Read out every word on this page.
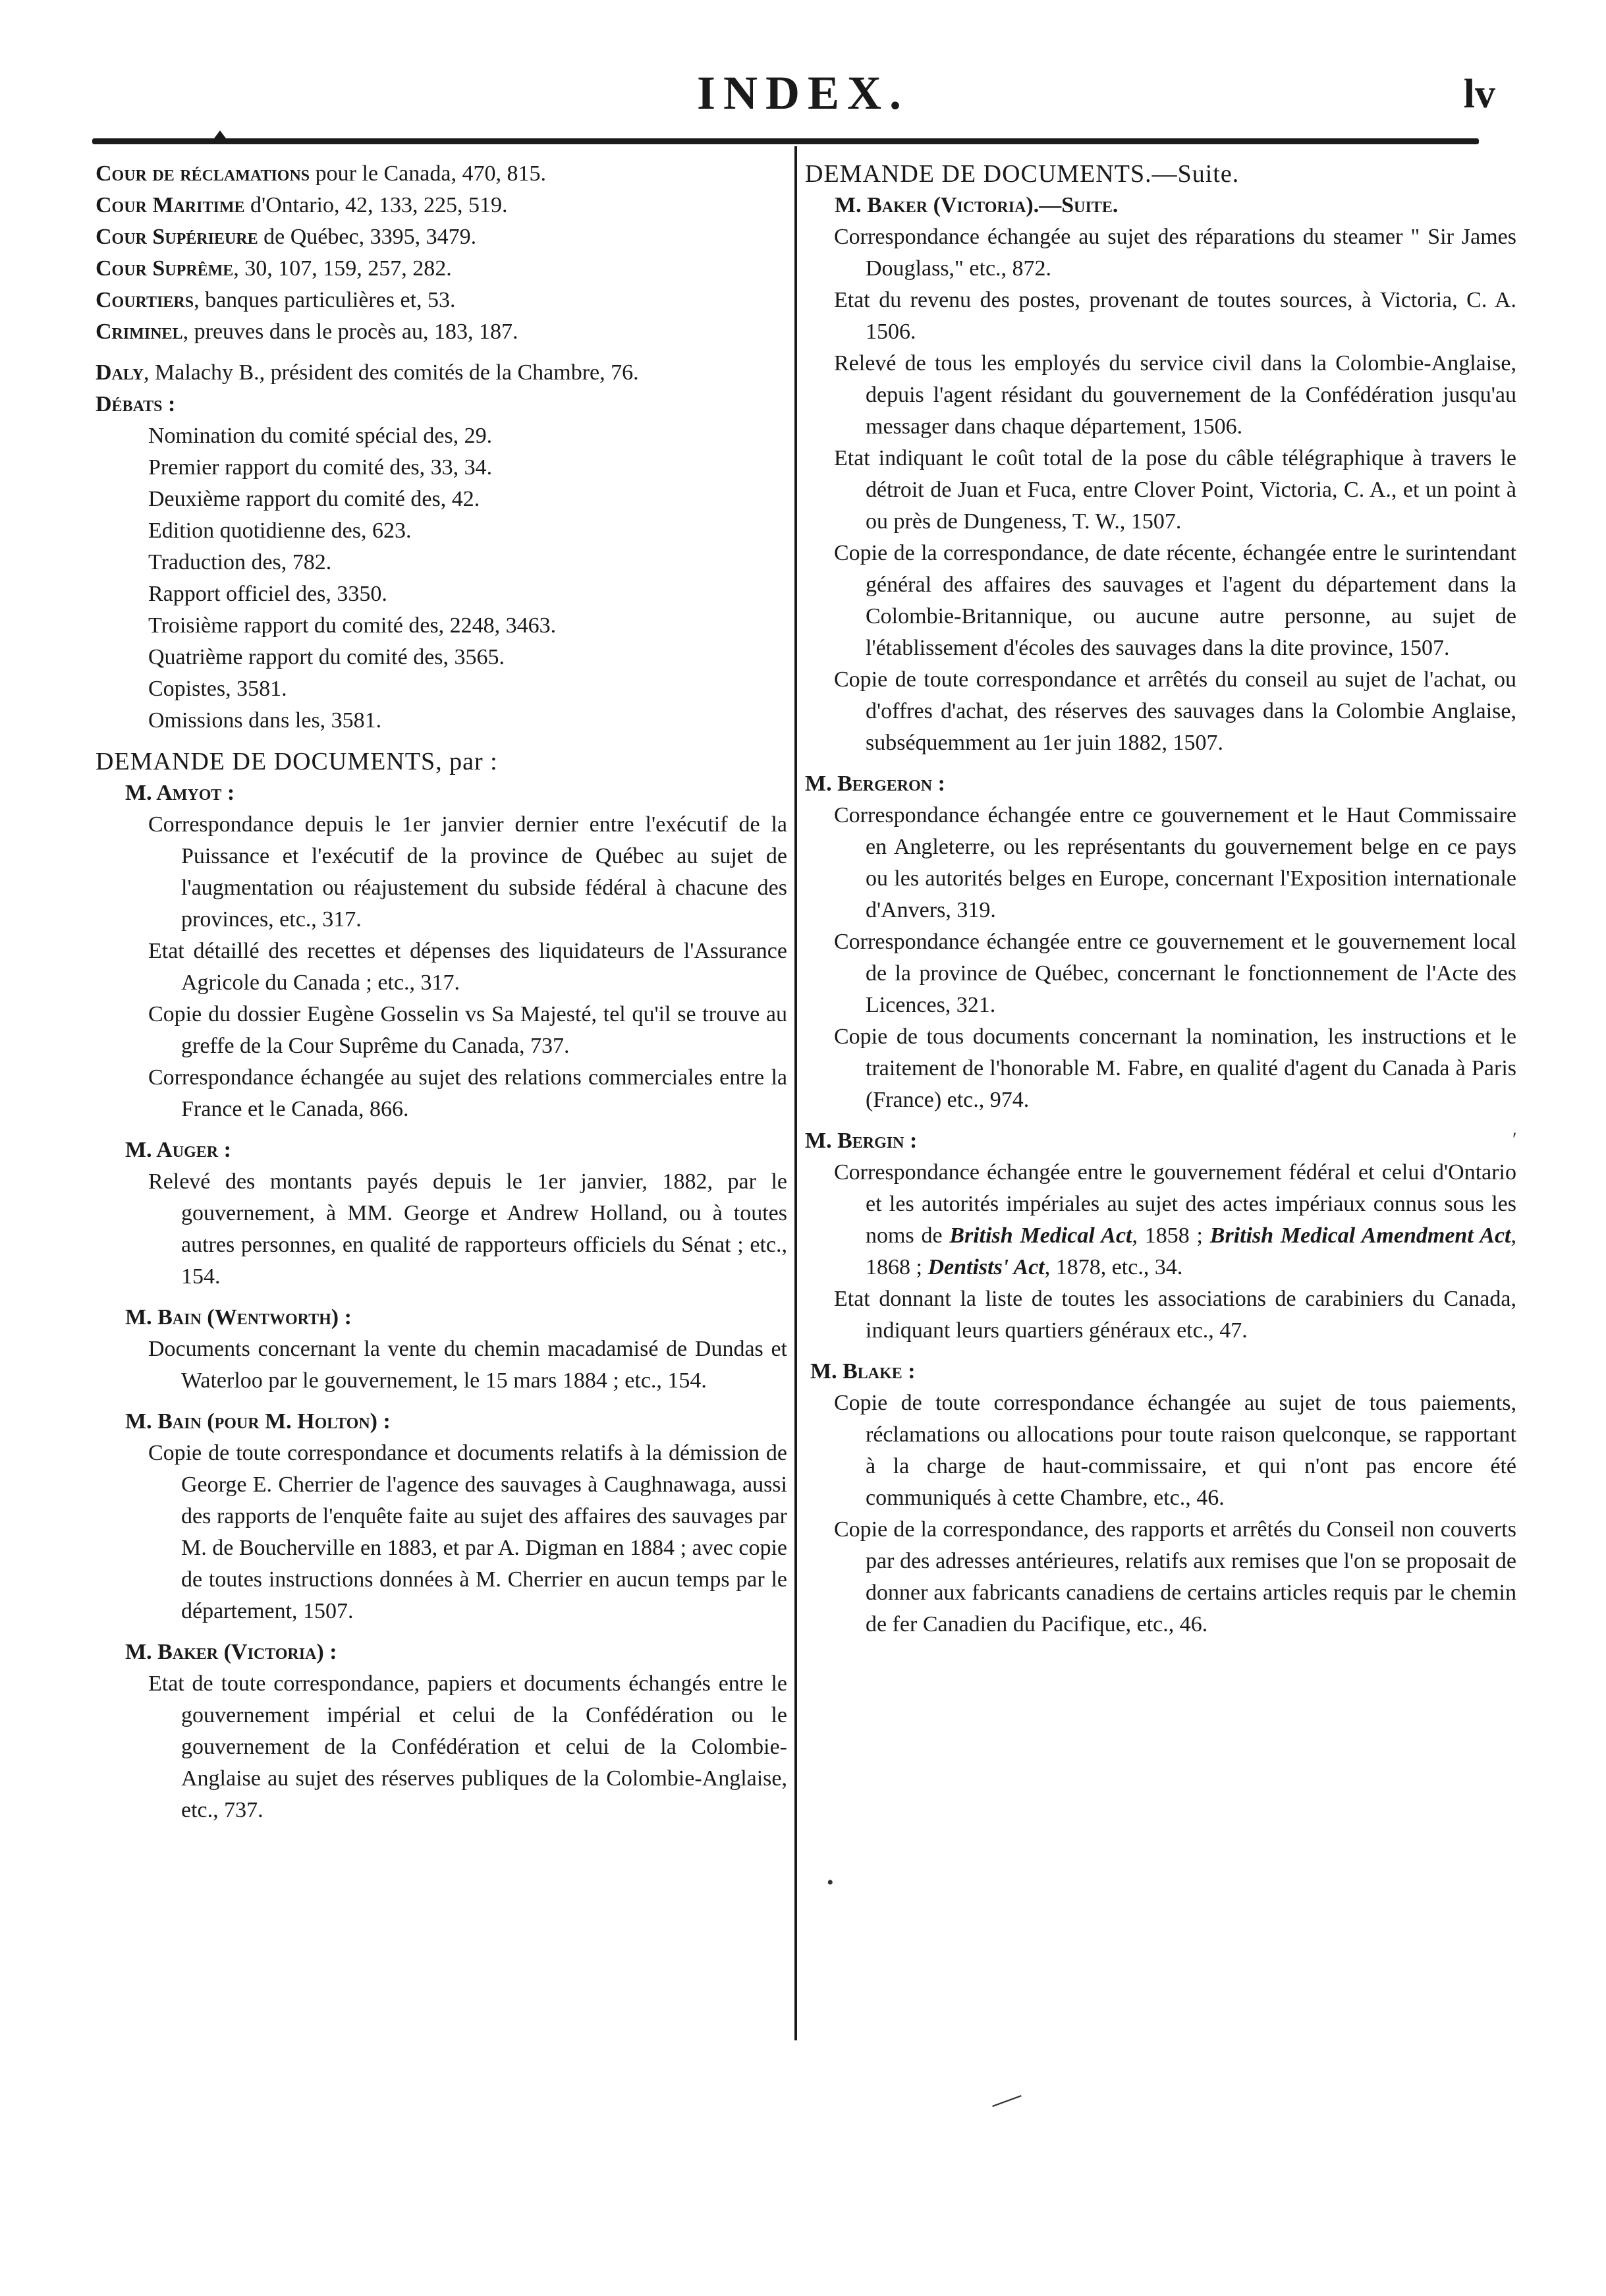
INDEX.	lv
Cour de réclamations pour le Canada, 470, 815.
Cour Maritime d'Ontario, 42, 133, 225, 519.
Cour Supérieure de Québec, 3395, 3479.
Cour Suprême, 30, 107, 159, 257, 282.
Courtiers, banques particulières et, 53.
Criminel, preuves dans le procès au, 183, 187.
Daly, Malachy B., président des comités de la Chambre, 76.
Débats :
Nomination du comité spécial des, 29.
Premier rapport du comité des, 33, 34.
Deuxième rapport du comité des, 42.
Edition quotidienne des, 623.
Traduction des, 782.
Rapport officiel des, 3350.
Troisième rapport du comité des, 2248, 3463.
Quatrième rapport du comité des, 3565.
Copistes, 3581.
Omissions dans les, 3581.
DEMANDE DE DOCUMENTS, par :
M. Amyot :
Correspondance depuis le 1er janvier dernier entre l'exécutif de la Puissance et l'exécutif de la province de Québec au sujet de l'augmentation ou réajustement du subside fédéral à chacune des provinces, etc., 317.
Etat détaillé des recettes et dépenses des liquidateurs de l'Assurance Agricole du Canada ; etc., 317.
Copie du dossier Eugène Gosselin vs Sa Majesté, tel qu'il se trouve au greffe de la Cour Suprême du Canada, 737.
Correspondance échangée au sujet des relations commerciales entre la France et le Canada, 866.
M. Auger :
Relevé des montants payés depuis le 1er janvier, 1882, par le gouvernement, à MM. George et Andrew Holland, ou à toutes autres personnes, en qualité de rapporteurs officiels du Sénat ; etc., 154.
M. Bain (Wentworth) :
Documents concernant la vente du chemin macadamisé de Dundas et Waterloo par le gouvernement, le 15 mars 1884 ; etc., 154.
M. Bain (pour M. Holton) :
Copie de toute correspondance et documents relatifs à la démission de George E. Cherrier de l'agence des sauvages à Caughnawaga, aussi des rapports de l'enquête faite au sujet des affaires des sauvages par M. de Boucherville en 1883, et par A. Digman en 1884 ; avec copie de toutes instructions données à M. Cherrier en aucun temps par le département, 1507.
M. Baker (Victoria) :
Etat de toute correspondance, papiers et documents échangés entre le gouvernement impérial et celui de la Confédération ou le gouvernement de la Confédération et celui de la Colombie-Anglaise au sujet des réserves publiques de la Colombie-Anglaise, etc., 737.
DEMANDE DE DOCUMENTS.—Suite.
M. Baker (Victoria).—Suite.
Correspondance échangée au sujet des réparations du steamer " Sir James Douglass," etc., 872.
Etat du revenu des postes, provenant de toutes sources, à Victoria, C. A. 1506.
Relevé de tous les employés du service civil dans la Colombie-Anglaise, depuis l'agent résidant du gouvernement de la Confédération jusqu'au messager dans chaque département, 1506.
Etat indiquant le coût total de la pose du câble télégraphique à travers le détroit de Juan et Fuca, entre Clover Point, Victoria, C. A., et un point à ou près de Dungeness, T. W., 1507.
Copie de la correspondance, de date récente, échangée entre le surintendant général des affaires des sauvages et l'agent du département dans la Colombie-Britannique, ou aucune autre personne, au sujet de l'établissement d'écoles des sauvages dans la dite province, 1507.
Copie de toute correspondance et arrêtés du conseil au sujet de l'achat, ou d'offres d'achat, des réserves des sauvages dans la Colombie Anglaise, subséquemment au 1er juin 1882, 1507.
M. Bergeron :
Correspondance échangée entre ce gouvernement et le Haut Commissaire en Angleterre, ou les représentants du gouvernement belge en ce pays ou les autorités belges en Europe, concernant l'Exposition internationale d'Anvers, 319.
Correspondance échangée entre ce gouvernement et le gouvernement local de la province de Québec, concernant le fonctionnement de l'Acte des Licences, 321.
Copie de tous documents concernant la nomination, les instructions et le traitement de l'honorable M. Fabre, en qualité d'agent du Canada à Paris (France) etc., 974.
M. Bergin :
Correspondance échangée entre le gouvernement fédéral et celui d'Ontario et les autorités impériales au sujet des actes impériaux connus sous les noms de British Medical Act, 1858 ; British Medical Amendment Act, 1868 ; Dentists' Act, 1878, etc., 34.
Etat donnant la liste de toutes les associations de carabiniers du Canada, indiquant leurs quartiers généraux etc., 47.
M. Blake :
Copie de toute correspondance échangée au sujet de tous paiements, réclamations ou allocations pour toute raison quelconque, se rapportant à la charge de haut-commissaire, et qui n'ont pas encore été communiqués à cette Chambre, etc., 46.
Copie de la correspondance, des rapports et arrêtés du Conseil non couverts par des adresses antérieures, relatifs aux remises que l'on se proposait de donner aux fabricants canadiens de certains articles requis par le chemin de fer Canadien du Pacifique, etc., 46.
—
′
•
